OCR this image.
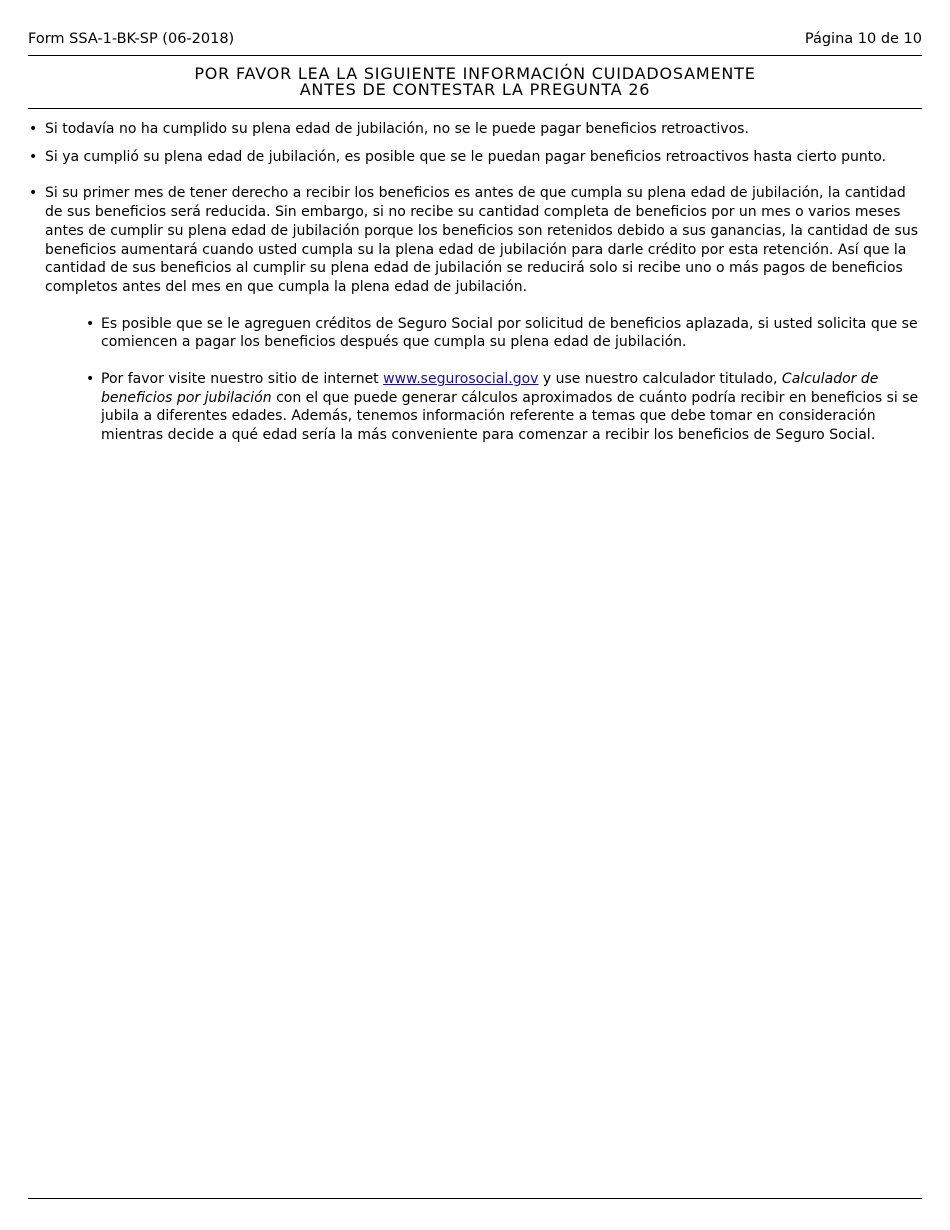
Form SSA-1-BK-SP (06-2018)	Página 10 de 10
POR FAVOR LEA LA SIGUIENTE INFORMACIÓN CUIDADOSAMENTE
ANTES DE CONTESTAR LA PREGUNTA 26
• Si todavía no ha cumplido su plena edad de jubilación, no se le puede pagar beneficios retroactivos.
• Si ya cumplió su plena edad de jubilación, es posible que se le puedan pagar beneficios retroactivos hasta cierto punto.
• Si su primer mes de tener derecho a recibir los beneficios es antes de que cumpla su plena edad de jubilación, la cantidad de sus beneficios será reducida. Sin embargo, si no recibe su cantidad completa de beneficios por un mes o varios meses antes de cumplir su plena edad de jubilación porque los beneficios son retenidos debido a sus ganancias, la cantidad de sus beneficios aumentará cuando usted cumpla su la plena edad de jubilación para darle crédito por esta retención. Así que la cantidad de sus beneficios al cumplir su plena edad de jubilación se reducirá solo si recibe uno o más pagos de beneficios completos antes del mes en que cumpla la plena edad de jubilación.
• Es posible que se le agreguen créditos de Seguro Social por solicitud de beneficios aplazada, si usted solicita que se comiencen a pagar los beneficios después que cumpla su plena edad de jubilación.
• Por favor visite nuestro sitio de internet www.segurosocial.gov y use nuestro calculador titulado, Calculador de beneficios por jubilación con el que puede generar cálculos aproximados de cuánto podría recibir en beneficios si se jubila a diferentes edades. Además, tenemos información referente a temas que debe tomar en consideración mientras decide a qué edad sería la más conveniente para comenzar a recibir los beneficios de Seguro Social.
